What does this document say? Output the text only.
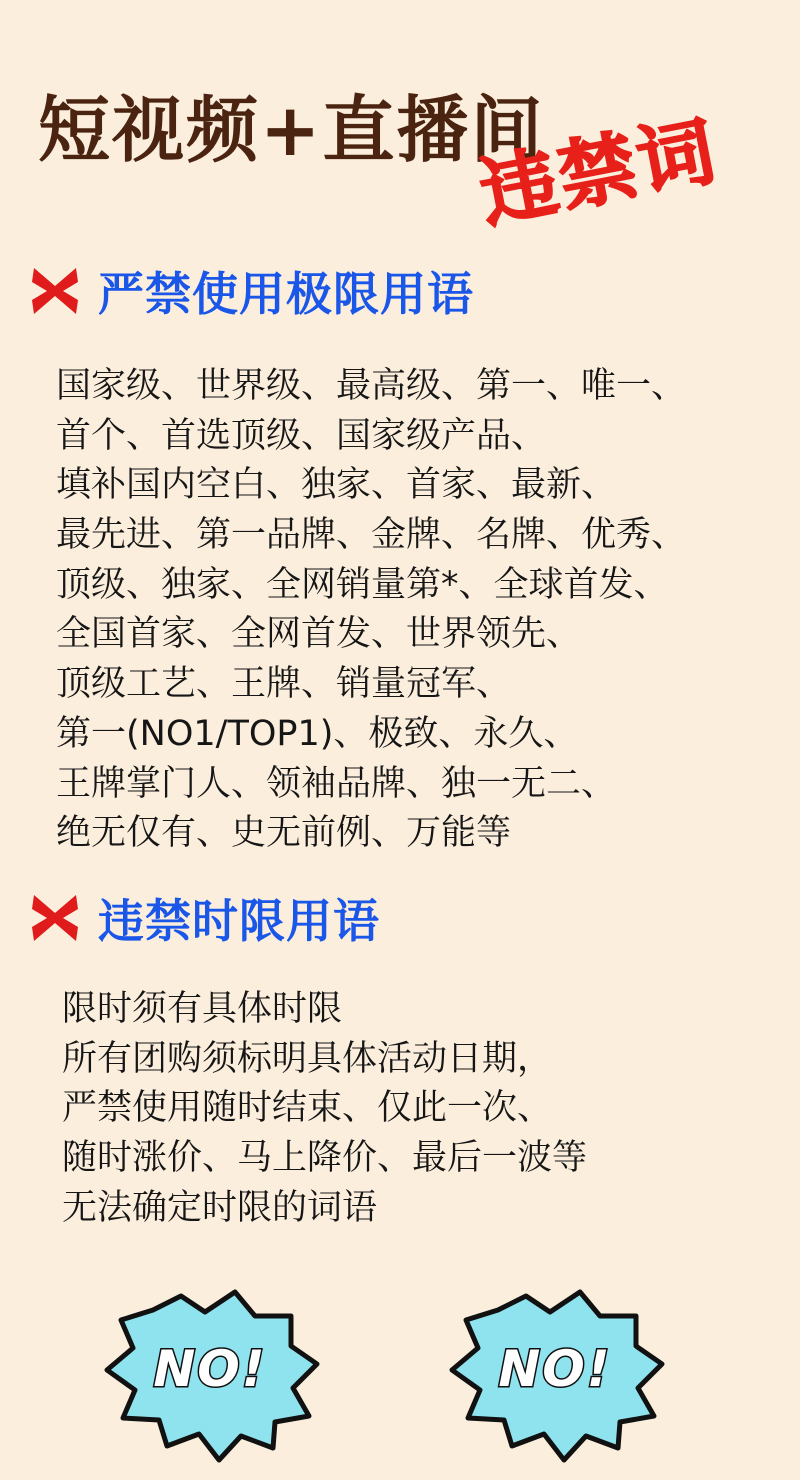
短视频+直播间
违禁词
严禁使用极限用语
国家级、世界级、最高级、第一、唯一、
首个、首选顶级、国家级产品、
填补国内空白、独家、首家、最新、
最先进、第一品牌、金牌、名牌、优秀、
顶级、独家、全网销量第*、全球首发、
全国首家、全网首发、世界领先、
顶级工艺、王牌、销量冠军、
第一(NO1/TOP1)、极致、永久、
王牌掌门人、领袖品牌、独一无二、
绝无仅有、史无前例、万能等
违禁时限用语
限时须有具体时限
所有团购须标明具体活动日期，
严禁使用随时结束、仅此一次、
随时涨价、马上降价、最后一波等
无法确定时限的词语
NO!	NO!
